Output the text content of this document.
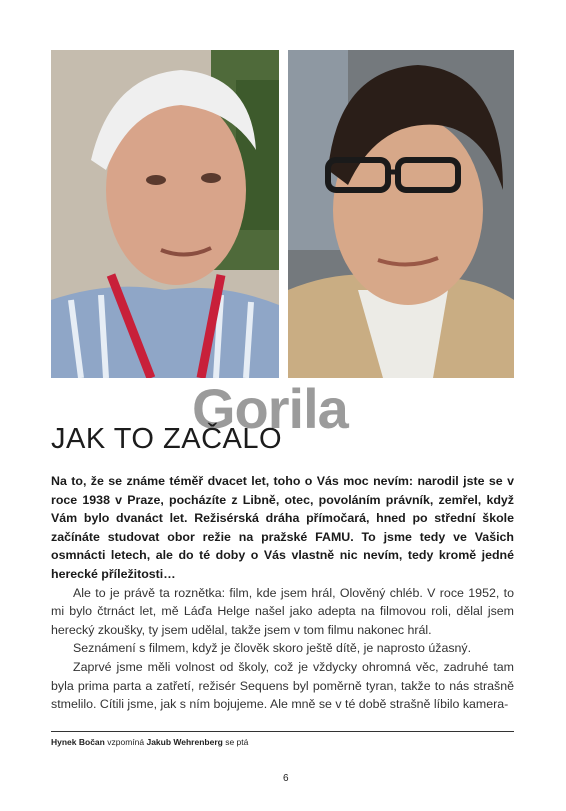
Gorila
JAK TO ZAČALO

Na to, že se známe téměř dvacet let, toho o Vás moc nevím: narodil jste se v roce 1938 v Praze, pocházíte z Libně, otec, povoláním právník, zemřel, když Vám bylo dvanáct let. Režisérská dráha přímočará, hned po střední škole začínáte studovat obor režie na pražské FAMU. To jsme tedy ve Vašich osmnácti letech, ale do té doby o Vás vlastně nic nevím, tedy kromě jedné herecké příležitosti…

Ale to je právě ta roznětka: film, kde jsem hrál, Olověný chléb. V roce 1952, to mi bylo čtrnáct let, mě Láďa Helge našel jako adepta na filmovou roli, dělal jsem herecký zkoušky, ty jsem udělal, takže jsem v tom filmu nakonec hrál.

Seznámení s filmem, když je člověk skoro ještě dítě, je naprosto úžasný.

Zaprvé jsme měli volnost od školy, což je vždycky ohromná věc, zadruhé tam byla prima parta a zatřetí, režisér Sequens byl poměrně tyran, takže to nás strašně stmelilo. Cítili jsme, jak s ním bojujeme. Ale mně se v té době strašně líbilo kamera-

Hynek Bočan vzpomíná Jakub Wehrenberg se ptá
6
